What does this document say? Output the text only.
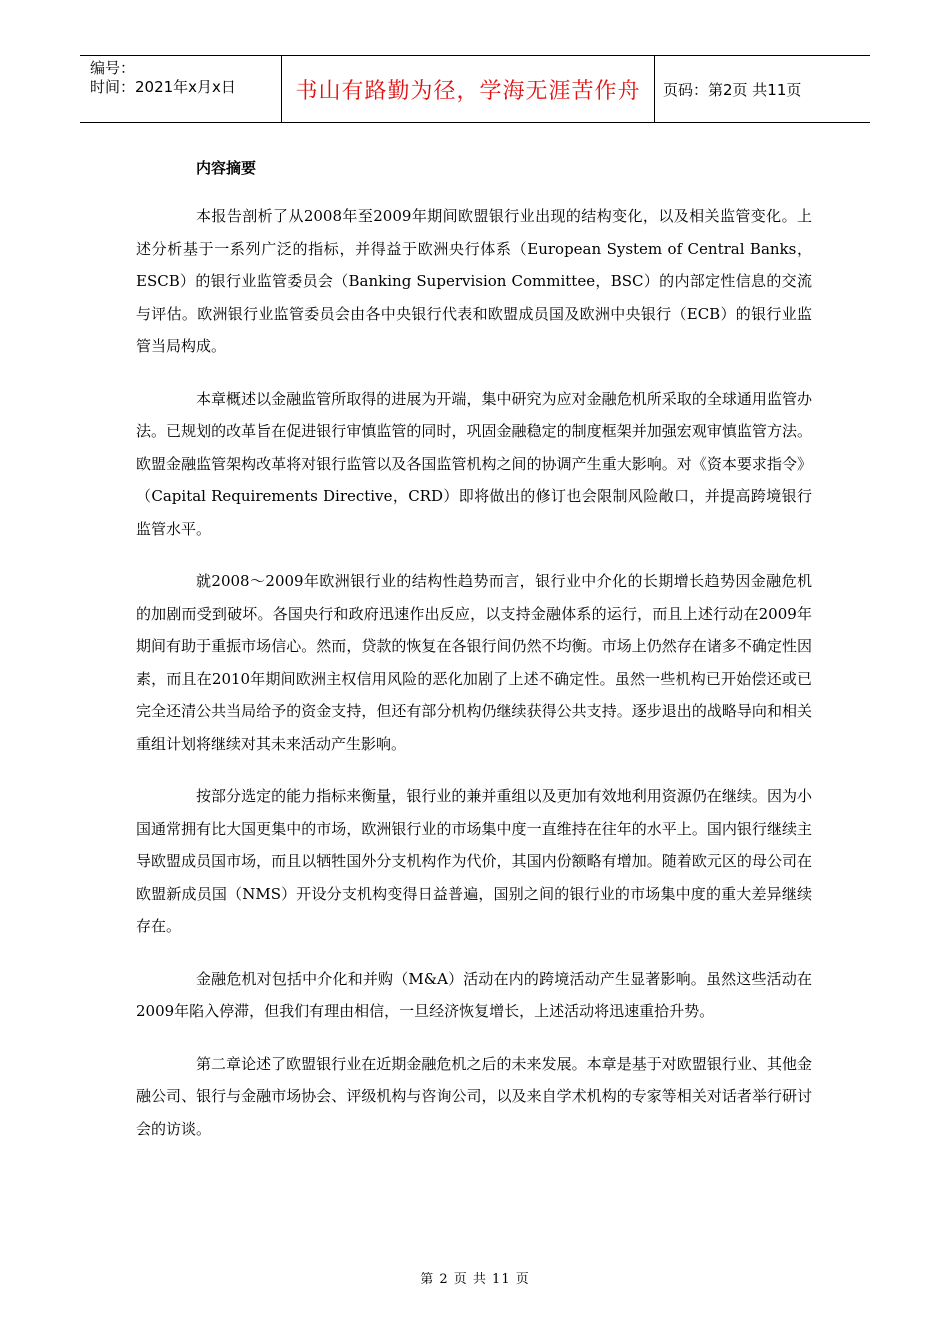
编号：
时间：2021年x月x日	书山有路勤为径，学海无涯苦作舟 页码：第2页 共11页
内容摘要

本报告剖析了从2008年至2009年期间欧盟银行业出现的结构变化，以及相关监管变化。上述分析基于一系列广泛的指标，并得益于欧洲央行体系（European System of Central Banks，ESCB）的银行业监管委员会（Banking Supervision Committee，BSC）的内部定性信息的交流与评估。欧洲银行业监管委员会由各中央银行代表和欧盟成员国及欧洲中央银行（ECB）的银行业监管当局构成。

本章概述以金融监管所取得的进展为开端，集中研究为应对金融危机所采取的全球通用监管办法。已规划的改革旨在促进银行审慎监管的同时，巩固金融稳定的制度框架并加强宏观审慎监管方法。欧盟金融监管架构改革将对银行监管以及各国监管机构之间的协调产生重大影响。对《资本要求指令》（Capital Requirements Directive，CRD）即将做出的修订也会限制风险敞口，并提高跨境银行监管水平。

就2008～2009年欧洲银行业的结构性趋势而言，银行业中介化的长期增长趋势因金融危机的加剧而受到破坏。各国央行和政府迅速作出反应，以支持金融体系的运行，而且上述行动在2009年期间有助于重振市场信心。然而，贷款的恢复在各银行间仍然不均衡。市场上仍然存在诸多不确定性因素，而且在2010年期间欧洲主权信用风险的恶化加剧了上述不确定性。虽然一些机构已开始偿还或已完全还清公共当局给予的资金支持，但还有部分机构仍继续获得公共支持。逐步退出的战略导向和相关重组计划将继续对其未来活动产生影响。

按部分选定的能力指标来衡量，银行业的兼并重组以及更加有效地利用资源仍在继续。因为小国通常拥有比大国更集中的市场，欧洲银行业的市场集中度一直维持在往年的水平上。国内银行继续主导欧盟成员国市场，而且以牺牲国外分支机构作为代价，其国内份额略有增加。随着欧元区的母公司在欧盟新成员国（NMS）开设分支机构变得日益普遍，国别之间的银行业的市场集中度的重大差异继续存在。

金融危机对包括中介化和并购（M&A）活动在内的跨境活动产生显著影响。虽然这些活动在2009年陷入停滞，但我们有理由相信，一旦经济恢复增长，上述活动将迅速重拾升势。

第二章论述了欧盟银行业在近期金融危机之后的未来发展。本章是基于对欧盟银行业、其他金融公司、银行与金融市场协会、评级机构与咨询公司，以及来自学术机构的专家等相关对话者举行研讨会的访谈。

第 2 页 共 11 页
